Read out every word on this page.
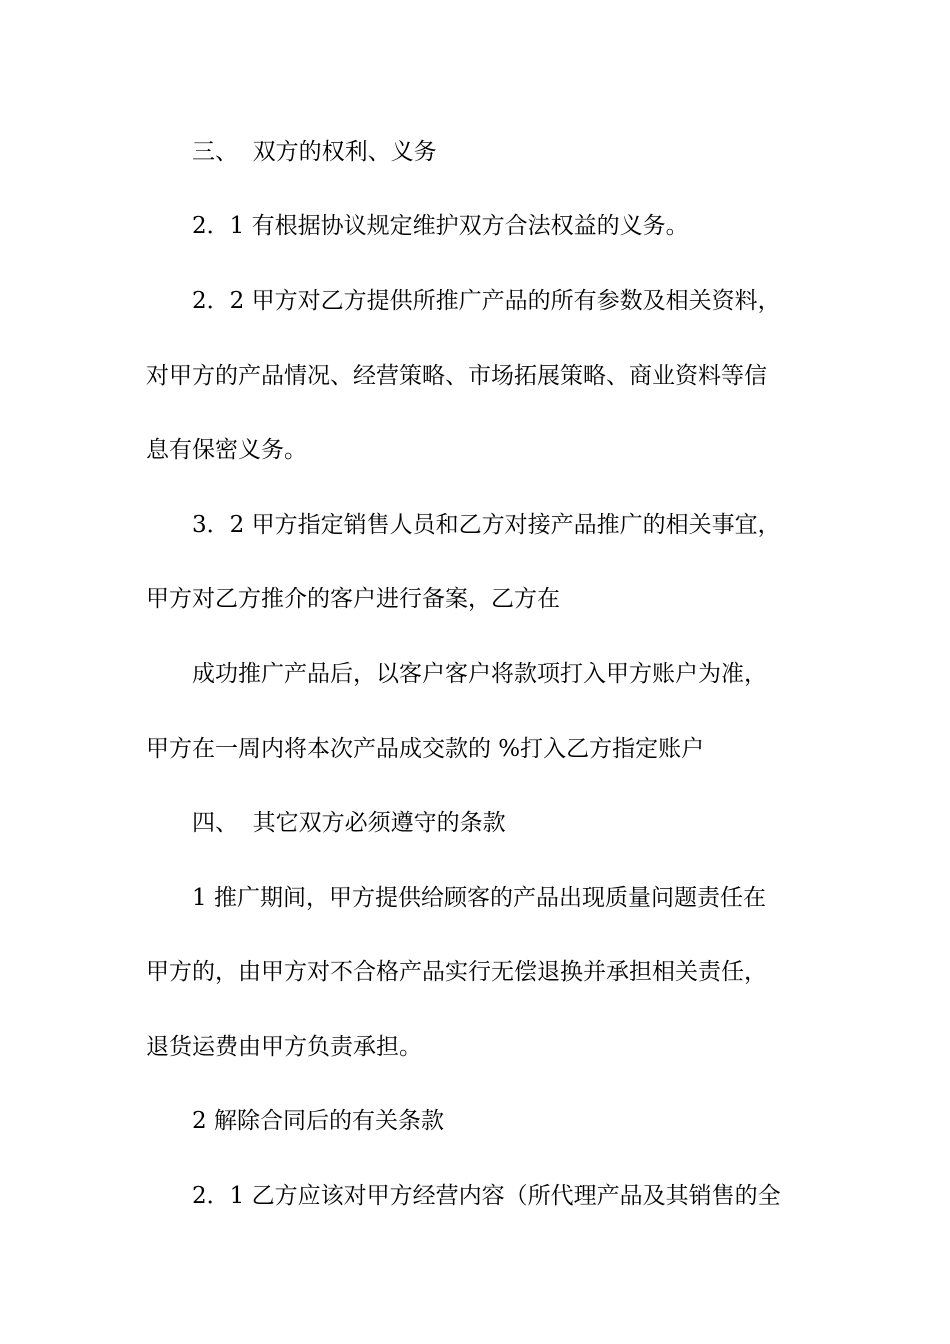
三、  双方的权利、义务
2．1 有根据协议规定维护双方合法权益的义务。
2．2 甲方对乙方提供所推广产品的所有参数及相关资料，
对甲方的产品情况、经营策略、市场拓展策略、商业资料等信
息有保密义务。
3．2 甲方指定销售人员和乙方对接产品推广的相关事宜，
甲方对乙方推介的客户进行备案，乙方在
成功推广产品后，以客户客户将款项打入甲方账户为准，
甲方在一周内将本次产品成交款的 %打入乙方指定账户
四、  其它双方必须遵守的条款
1 推广期间，甲方提供给顾客的产品出现质量问题责任在
甲方的，由甲方对不合格产品实行无偿退换并承担相关责任，
退货运费由甲方负责承担。
2 解除合同后的有关条款
2．1 乙方应该对甲方经营内容（所代理产品及其销售的全
